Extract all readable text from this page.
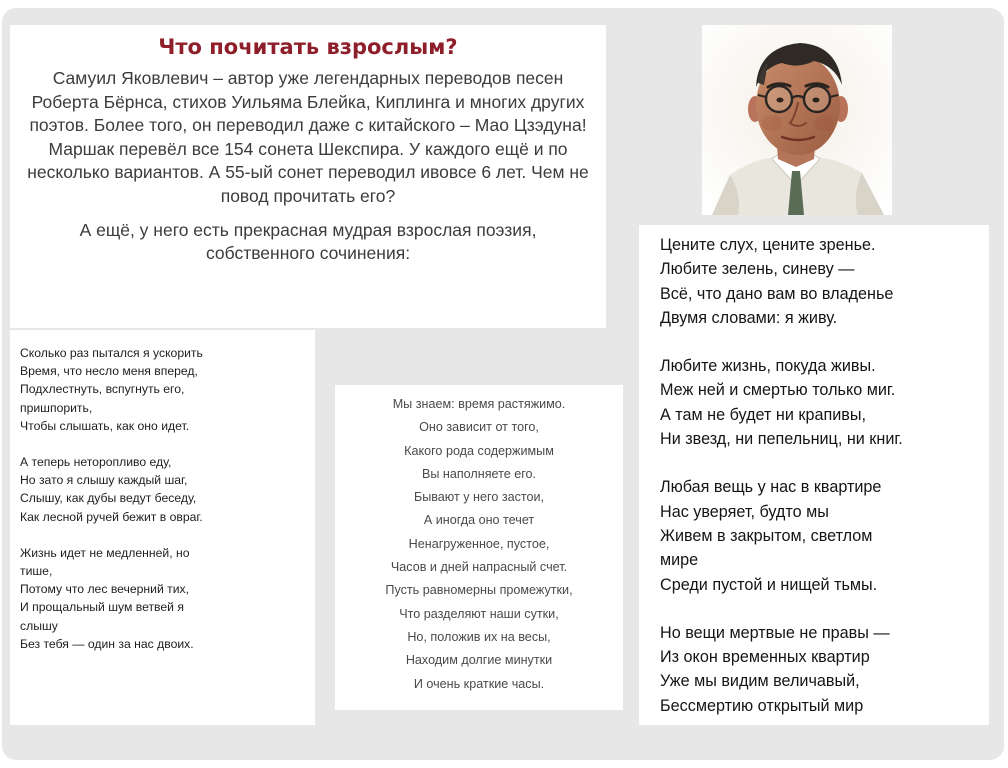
Что почитать взрослым?

Самуил Яковлевич – автор уже легендарных переводов песен Роберта Бёрнса, стихов Уильяма Блейка, Киплинга и многих других поэтов. Более того, он переводил даже с китайского – Мао Цзэдуна! Маршак перевёл все 154 сонета Шекспира. У каждого ещё и по несколько вариантов. А 55-ый сонет переводил ивовсе 6 лет. Чем не повод прочитать его?

А ещё, у него есть прекрасная мудрая взрослая поэзия, собственного сочинения:

Сколько раз пытался я ускорить
Время, что несло меня вперед,
Подхлестнуть, вспугнуть его,
пришпорить,
Чтобы слышать, как оно идет.

А теперь неторопливо еду,
Но зато я слышу каждый шаг,
Слышу, как дубы ведут беседу,
Как лесной ручей бежит в овраг.

Жизнь идет не медленней, но
тише,
Потому что лес вечерний тих,
И прощальный шум ветвей я
слышу
Без тебя — один за нас двоих.

Мы знаем: время растяжимо.
Оно зависит от того,
Какого рода содержимым
Вы наполняете его.
Бывают у него застои,
А иногда оно течет
Ненагруженное, пустое,
Часов и дней напрасный счет.
Пусть равномерны промежутки,
Что разделяют наши сутки,
Но, положив их на весы,
Находим долгие минутки
И очень краткие часы.

Цените слух, цените зренье.
Любите зелень, синеву —
Всё, что дано вам во владенье
Двумя словами: я живу.

Любите жизнь, покуда живы.
Меж ней и смертью только миг.
А там не будет ни крапивы,
Ни звезд, ни пепельниц, ни книг.

Любая вещь у нас в квартире
Нас уверяет, будто мы
Живем в закрытом, светлом
мире
Среди пустой и нищей тьмы.

Но вещи мертвые не правы —
Из окон временных квартир
Уже мы видим величавый,
Бессмертию открытый мир
